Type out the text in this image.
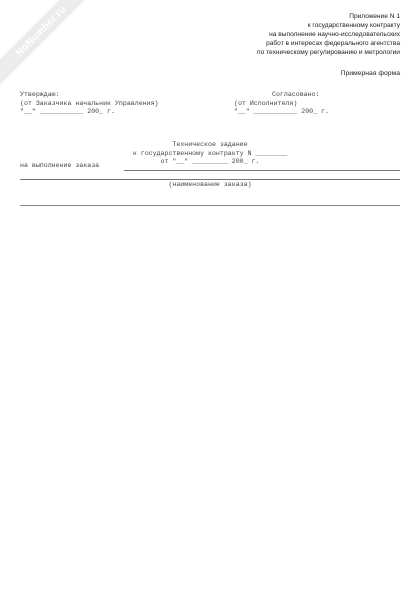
NoNumber.ru	Приложение N 1
к государственному контракту
на выполнение научно-исследовательских
работ в интересах федерального агентства
по техническому регулированию и метрологии
Примерная форма
Утверждаю:
(от Заказчика начальник Управления)
"__" ___________ 200_ г.
Согласовано:
(от Исполнителя)
"__" ___________ 200_ г.
Техническое задание
к государственному контракту N ________
от "__" _________ 200_ г.
на выполнение заказа
(наименование заказа)
